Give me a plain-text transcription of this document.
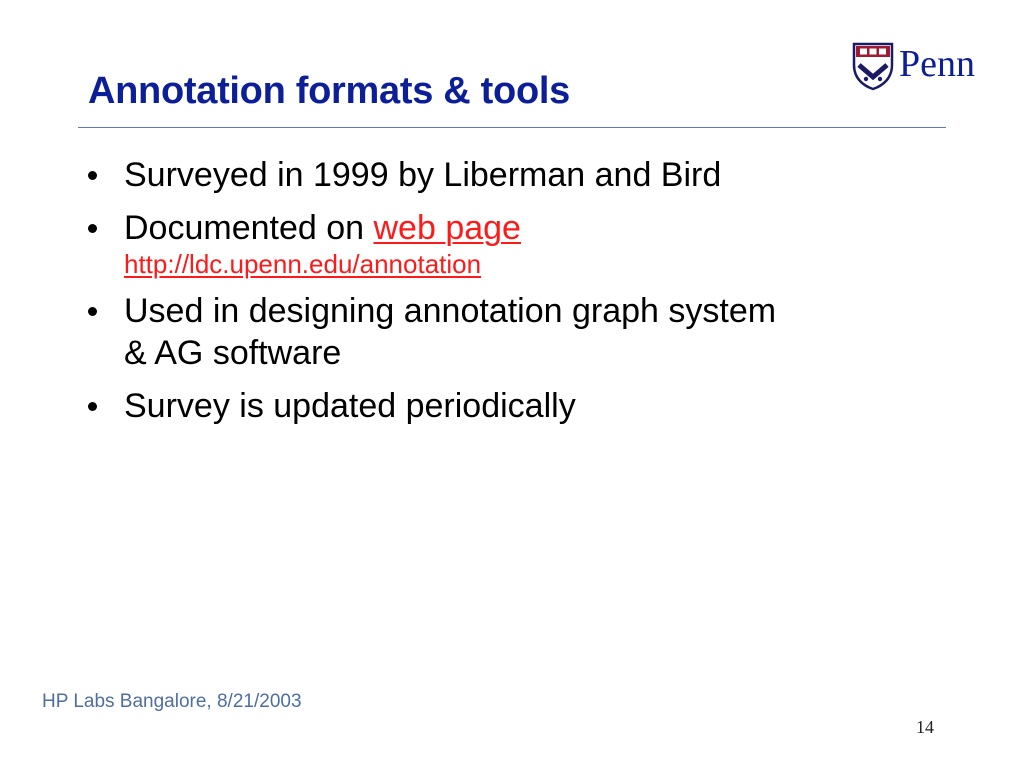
Annotation formats & tools
Penn
Surveyed in 1999 by Liberman and Bird
Documented on web page
http://ldc.upenn.edu/annotation
Used in designing annotation graph system & AG software
Survey is updated periodically
HP Labs Bangalore, 8/21/2003
14
